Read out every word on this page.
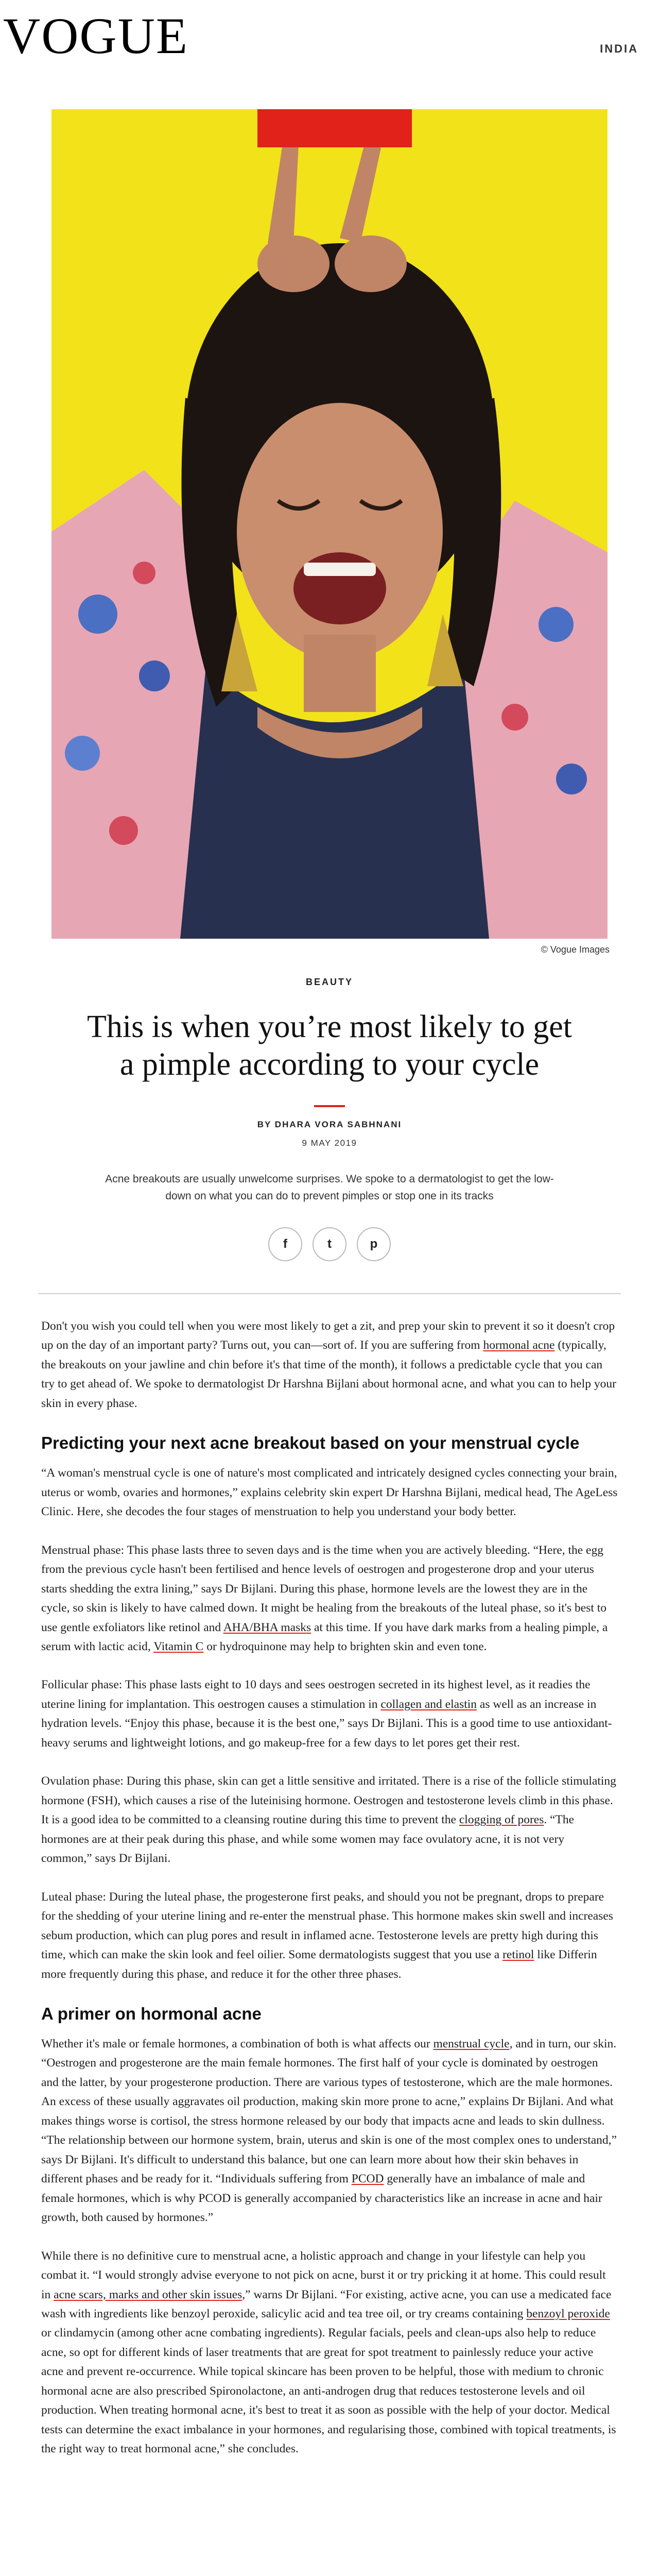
VOGUE	INDIA
© Vogue Images
BEAUTY
This is when you’re most likely to get a pimple according to your cycle
BY DHARA VORA SABHNANI
9 MAY 2019
Acne breakouts are usually unwelcome surprises. We spoke to a dermatologist to get the low-down on what you can do to prevent pimples or stop one in its tracks
f	t	p

Don't you wish you could tell when you were most likely to get a zit, and prep your skin to prevent it so it doesn't crop up on the day of an important party? Turns out, you can—sort of. If you are suffering from hormonal acne (typically, the breakouts on your jawline and chin before it's that time of the month), it follows a predictable cycle that you can try to get ahead of. We spoke to dermatologist Dr Harshna Bijlani about hormonal acne, and what you can to help your skin in every phase.

Predicting your next acne breakout based on your menstrual cycle

“A woman's menstrual cycle is one of nature's most complicated and intricately designed cycles connecting your brain, uterus or womb, ovaries and hormones,” explains celebrity skin expert Dr Harshna Bijlani, medical head, The AgeLess Clinic. Here, she decodes the four stages of menstruation to help you understand your body better.

Menstrual phase: This phase lasts three to seven days and is the time when you are actively bleeding. “Here, the egg from the previous cycle hasn't been fertilised and hence levels of oestrogen and progesterone drop and your uterus starts shedding the extra lining,” says Dr Bijlani. During this phase, hormone levels are the lowest they are in the cycle, so skin is likely to have calmed down. It might be healing from the breakouts of the luteal phase, so it's best to use gentle exfoliators like retinol and AHA/BHA masks at this time. If you have dark marks from a healing pimple, a serum with lactic acid, Vitamin C or hydroquinone may help to brighten skin and even tone.

Follicular phase: This phase lasts eight to 10 days and sees oestrogen secreted in its highest level, as it readies the uterine lining for implantation. This oestrogen causes a stimulation in collagen and elastin as well as an increase in hydration levels. “Enjoy this phase, because it is the best one,” says Dr Bijlani. This is a good time to use antioxidant-heavy serums and lightweight lotions, and go makeup-free for a few days to let pores get their rest.

Ovulation phase: During this phase, skin can get a little sensitive and irritated. There is a rise of the follicle stimulating hormone (FSH), which causes a rise of the luteinising hormone. Oestrogen and testosterone levels climb in this phase. It is a good idea to be committed to a cleansing routine during this time to prevent the clogging of pores. “The hormones are at their peak during this phase, and while some women may face ovulatory acne, it is not very common,” says Dr Bijlani.

Luteal phase: During the luteal phase, the progesterone first peaks, and should you not be pregnant, drops to prepare for the shedding of your uterine lining and re-enter the menstrual phase. This hormone makes skin swell and increases sebum production, which can plug pores and result in inflamed acne. Testosterone levels are pretty high during this time, which can make the skin look and feel oilier. Some dermatologists suggest that you use a retinol like Differin more frequently during this phase, and reduce it for the other three phases.

A primer on hormonal acne

Whether it's male or female hormones, a combination of both is what affects our menstrual cycle, and in turn, our skin. “Oestrogen and progesterone are the main female hormones. The first half of your cycle is dominated by oestrogen and the latter, by your progesterone production. There are various types of testosterone, which are the male hormones. An excess of these usually aggravates oil production, making skin more prone to acne,” explains Dr Bijlani. And what makes things worse is cortisol, the stress hormone released by our body that impacts acne and leads to skin dullness. “The relationship between our hormone system, brain, uterus and skin is one of the most complex ones to understand,” says Dr Bijlani. It's difficult to understand this balance, but one can learn more about how their skin behaves in different phases and be ready for it. “Individuals suffering from PCOD generally have an imbalance of male and female hormones, which is why PCOD is generally accompanied by characteristics like an increase in acne and hair growth, both caused by hormones.”

While there is no definitive cure to menstrual acne, a holistic approach and change in your lifestyle can help you combat it. “I would strongly advise everyone to not pick on acne, burst it or try pricking it at home. This could result in acne scars, marks and other skin issues,” warns Dr Bijlani. “For existing, active acne, you can use a medicated face wash with ingredients like benzoyl peroxide, salicylic acid and tea tree oil, or try creams containing benzoyl peroxide or clindamycin (among other acne combating ingredients). Regular facials, peels and clean-ups also help to reduce acne, so opt for different kinds of laser treatments that are great for spot treatment to painlessly reduce your active acne and prevent re-occurrence. While topical skincare has been proven to be helpful, those with medium to chronic hormonal acne are also prescribed Spironolactone, an anti-androgen drug that reduces testosterone levels and oil production. When treating hormonal acne, it's best to treat it as soon as possible with the help of your doctor. Medical tests can determine the exact imbalance in your hormones, and regularising those, combined with topical treatments, is the right way to treat hormonal acne,” she concludes.
